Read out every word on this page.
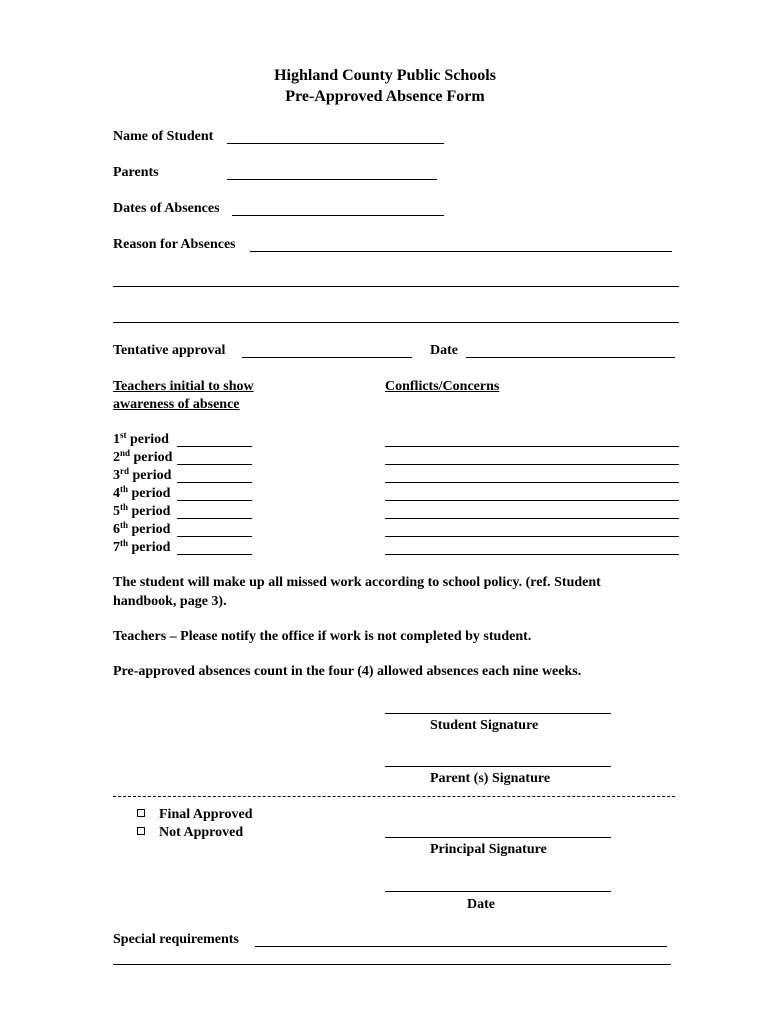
Highland County Public Schools
Pre-Approved Absence Form
Name of Student
Parents
Dates of Absences
Reason for Absences
Tentative approval	Date
Teachers initial to show
awareness of absence
Conflicts/Concerns
1st period
2nd period
3rd period
4th period
5th period
6th period
7th period
The student will make up all missed work according to school policy. (ref. Student
handbook, page 3).
Teachers – Please notify the office if work is not completed by student.
Pre-approved absences count in the four (4) allowed absences each nine weeks.
Student Signature
Parent (s) Signature
Final Approved
Not Approved
Principal Signature
Date
Special requirements
